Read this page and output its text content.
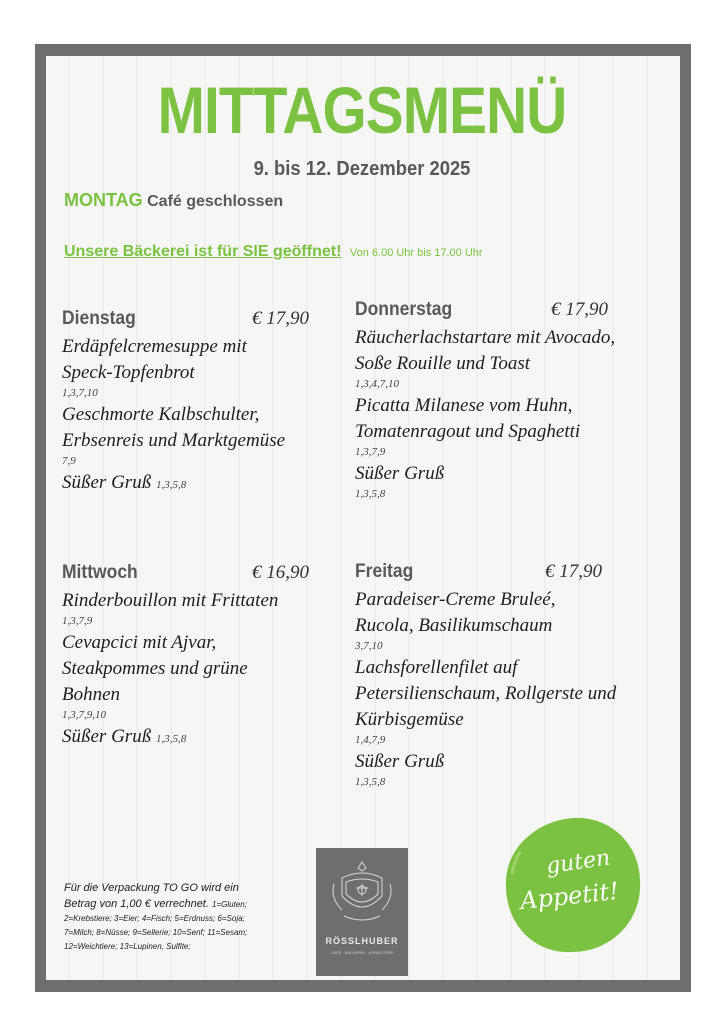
MITTAGSMENÜ
9. bis 12. Dezember 2025
MONTAG Café geschlossen
Unsere Bäckerei ist für SIE geöffnet! Von 6.00 Uhr bis 17.00 Uhr
Dienstag	€ 17,90

Erdäpfelcremesuppe mit

Speck-Topfenbrot

1,3,7,10

Geschmorte Kalbschulter,

Erbsenreis und Marktgemüse

7,9

Süßer Gruß 1,3,5,8

Donnerstag	€ 17,90

Räucherlachstartare mit Avocado,

Soße Rouille und Toast

1,3,4,7,10

Picatta Milanese vom Huhn,

Tomatenragout und Spaghetti

1,3,7,9

Süßer Gruß

1,3,5,8

Mittwoch	€ 16,90

Rinderbouillon mit Frittaten

1,3,7,9

Cevapcici mit Ajvar,

Steakpommes und grüne

Bohnen

1,3,7,9,10

Süßer Gruß 1,3,5,8

Freitag	€ 17,90

Paradeiser-Creme Bruleé,

Rucola, Basilikumschaum

3,7,10

Lachsforellenfilet auf

Petersilienschaum, Rollgerste und

Kürbisgemüse

1,4,7,9

Süßer Gruß

1,3,5,8

Für die Verpackung TO GO wird ein
Betrag von 1,00 € verrechnet. 1=Gluten;
2=Krebstiere; 3=Eier; 4=Fisch; 5=Erdnuss; 6=Soja;
7=Milch; 8=Nüsse; 9=Sellerie; 10=Senf; 11=Sesam;
12=Weichtiere; 13=Lupinen, Sulfite;
RÖSSLHUBER
CAFÉ · BÄCKEREI · KONDITOREI
guten
Appetit!
